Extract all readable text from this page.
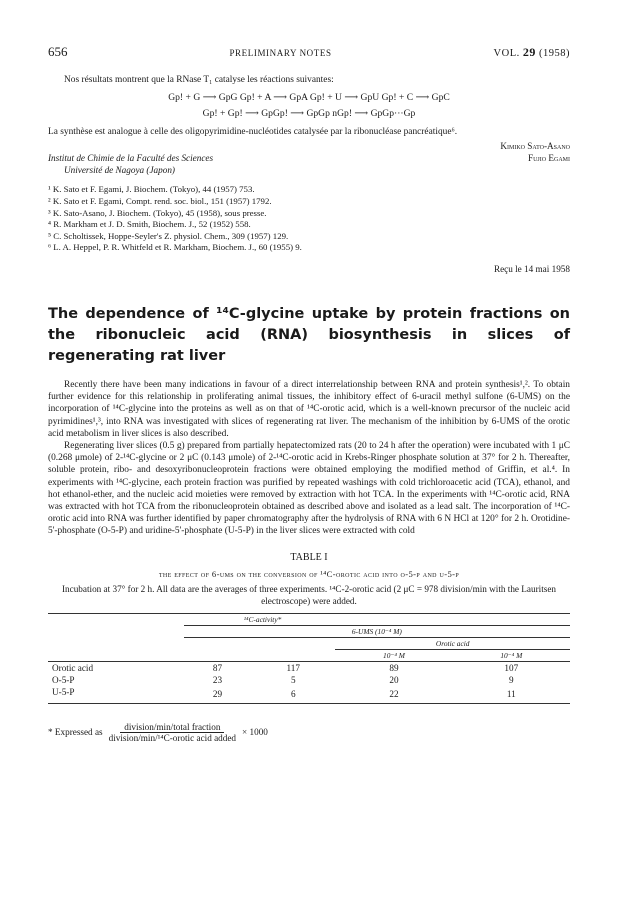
656	PRELIMINARY NOTES	VOL. 29 (1958)

Nos résultats montrent que la RNase T₁ catalyse les réactions suivantes:

Gp! + G ⟶ GpG Gp! + A ⟶ GpA Gp! + U ⟶ GpU Gp! + C ⟶ GpC
Gp! + Gp! ⟶ GpGp! ⟶ GpGp nGp! ⟶ GpGp···Gp

La synthèse est analogue à celle des oligopyrimidine-nucléotides catalysée par la ribonucléase pancréatique⁶.

Institut de Chimie de la Faculté des Sciences
Université de Nagoya (Japon)
Kimiko Sato-Asano
Fujio Egami
¹ K. Sato et F. Egami, J. Biochem. (Tokyo), 44 (1957) 753.
² K. Sato et F. Egami, Compt. rend. soc. biol., 151 (1957) 1792.
³ K. Sato-Asano, J. Biochem. (Tokyo), 45 (1958), sous presse.
⁴ R. Markham et J. D. Smith, Biochem. J., 52 (1952) 558.
⁵ C. Scholtissek, Hoppe-Seyler's Z. physiol. Chem., 309 (1957) 129.
⁶ L. A. Heppel, P. R. Whitfeld et R. Markham, Biochem. J., 60 (1955) 9.
Reçu le 14 mai 1958
The dependence of ¹⁴C-glycine uptake by protein fractions on the ribonucleic acid (RNA) biosynthesis in slices of regenerating rat liver

Recently there have been many indications in favour of a direct interrelationship between RNA and protein synthesis¹,². To obtain further evidence for this relationship in proliferating animal tissues, the inhibitory effect of 6-uracil methyl sulfone (6-UMS) on the incorporation of ¹⁴C-glycine into the proteins as well as on that of ¹⁴C-orotic acid, which is a well-known precursor of the nucleic acid pyrimidines¹,³, into RNA was investigated with slices of regenerating rat liver. The mechanism of the inhibition by 6-UMS of the orotic acid metabolism in liver slices is also described.

Regenerating liver slices (0.5 g) prepared from partially hepatectomized rats (20 to 24 h after the operation) were incubated with 1 μC (0.268 μmole) of 2-¹⁴C-glycine or 2 μC (0.143 μmole) of 2-¹⁴C-orotic acid in Krebs-Ringer phosphate solution at 37° for 2 h. Thereafter, soluble protein, ribo- and desoxyribonucleoprotein fractions were obtained employing the modified method of Griffin, et al.⁴. In experiments with ¹⁴C-glycine, each protein fraction was purified by repeated washings with cold trichloroacetic acid (TCA), ethanol, and hot ethanol-ether, and the nucleic acid moieties were removed by extraction with hot TCA. In the experiments with ¹⁴C-orotic acid, RNA was extracted with hot TCA from the ribonucleoprotein obtained as described above and isolated as a lead salt. The incorporation of ¹⁴C-orotic acid into RNA was further identified by paper chromatography after the hydrolysis of RNA with 6 N HCl at 120° for 2 h. Orotidine-5'-phosphate (O-5-P) and uridine-5'-phosphate (U-5-P) in the liver slices were extracted with cold

TABLE I
the effect of 6-ums on the conversion of ¹⁴C-orotic acid into o-5-p and u-5-p
Incubation at 37° for 2 h. All data are the averages of three experiments. ¹⁴C-2-orotic acid (2 μC = 978 division/min with the Lauritsen electroscope) were added.
	¹⁴C-activity*			
	6-UMS (10⁻⁴ M)			
			Orotic acid	
			10⁻⁴ M	10⁻⁴ M
Orotic acid	87	117	89	107
O-5-P	23	5	20	9
U-5-P	29	6	22	11
* Expressed as $\frac{\text{division/min/total fraction}}{\text{division/min/¹⁴C-orotic acid added}} \times 1000$
